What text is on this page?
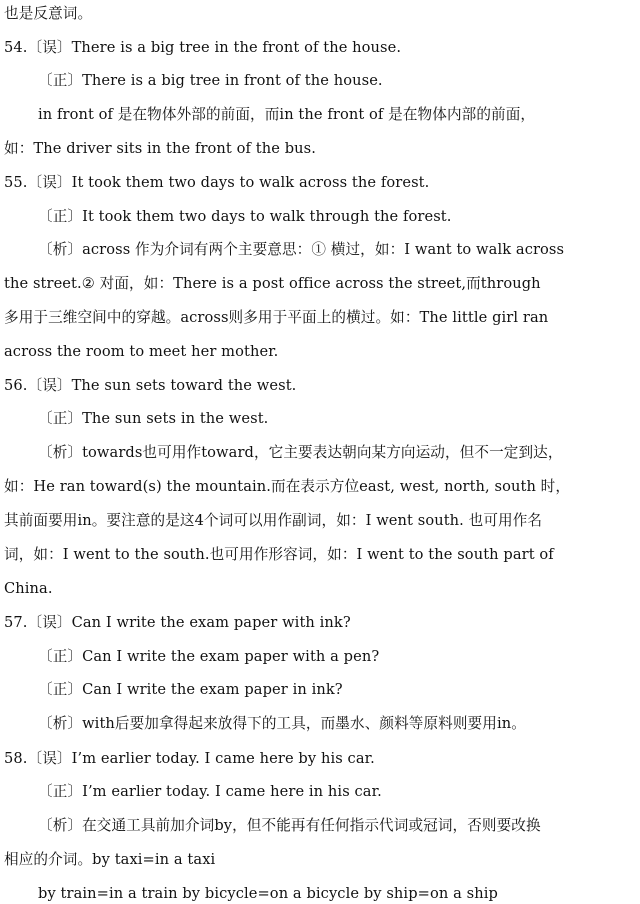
也是反意词。
54.〔误〕There is a big tree in the front of the house.
〔正〕There is a big tree in front of the house.
in front of 是在物体外部的前面，而in the front of 是在物体内部的前面，
如：The driver sits in the front of the bus.
55.〔误〕It took them two days to walk across the forest.
〔正〕It took them two days to walk through the forest.
〔析〕across 作为介词有两个主要意思：① 横过，如：I want to walk across
the street.② 对面，如：There is a post office across the street,而through
多用于三维空间中的穿越。across则多用于平面上的横过。如：The little girl ran
across the room to meet her mother.
56.〔误〕The sun sets toward the west.
〔正〕The sun sets in the west.
〔析〕towards也可用作toward，它主要表达朝向某方向运动，但不一定到达，
如：He ran toward(s) the mountain.而在表示方位east, west, north, south 时，
其前面要用in。要注意的是这4个词可以用作副词，如：I went south. 也可用作名
词，如：I went to the south.也可用作形容词，如：I went to the south part of
China.
57.〔误〕Can I write the exam paper with ink?
〔正〕Can I write the exam paper with a pen?
〔正〕Can I write the exam paper in ink?
〔析〕with后要加拿得起来放得下的工具，而墨水、颜料等原料则要用in。
58.〔误〕I’m earlier today. I came here by his car.
〔正〕I’m earlier today. I came here in his car.
〔析〕在交通工具前加介词by，但不能再有任何指示代词或冠词，否则要改换
相应的介词。by taxi=in a taxi
by train=in a train by bicycle=on a bicycle by ship=on a ship
